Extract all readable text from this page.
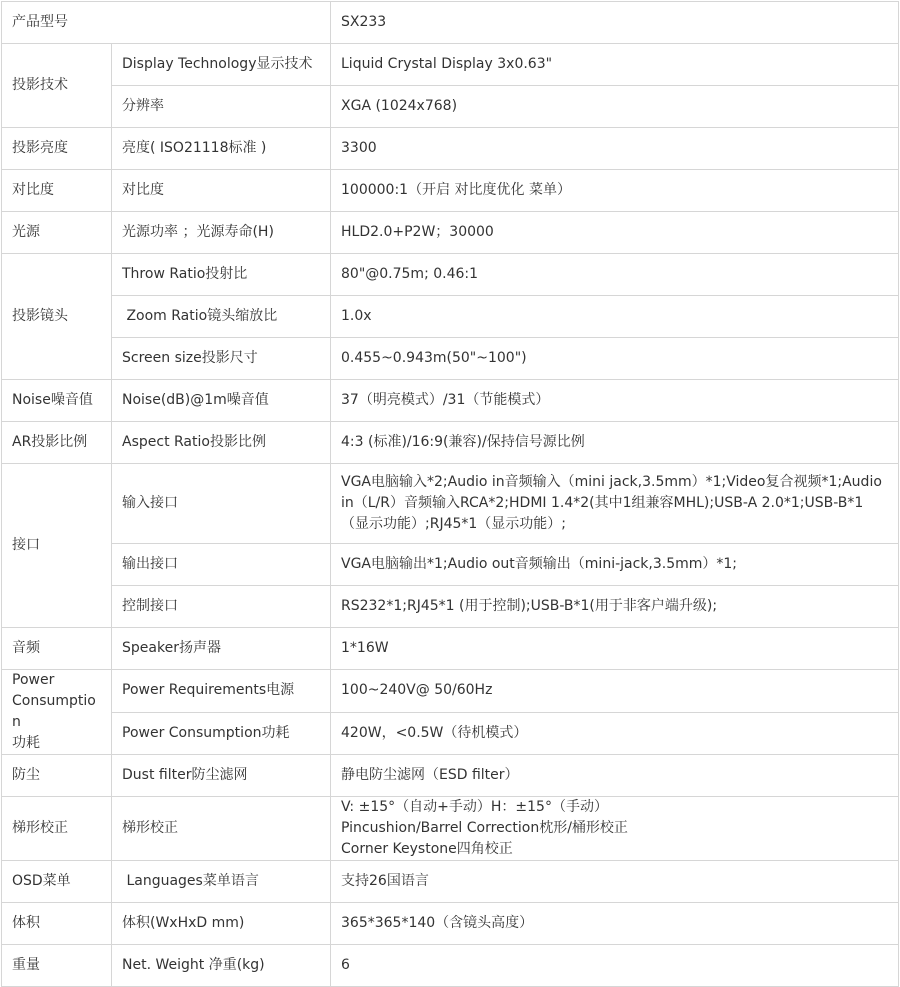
产品型号		SX233
投影技术	Display Technology显示技术	Liquid Crystal Display 3x0.63"
	分辨率	XGA (1024x768)
投影亮度	亮度( ISO21118标准 )	3300
对比度	对比度	100000:1（开启 对比度优化 菜单）
光源	光源功率 ；光源寿命(H)	HLD2.0+P2W；30000
投影镜头	Throw Ratio投射比	80"@0.75m; 0.46:1
	Zoom Ratio镜头缩放比	1.0x
	Screen size投影尺寸	0.455~0.943m(50"~100")
Noise噪音值	Noise(dB)@1m噪音值	37（明亮模式）/31（节能模式）
AR投影比例	Aspect Ratio投影比例	4:3 (标准)/16:9(兼容)/保持信号源比例
接口	输入接口	VGA电脑输入*2;Audio in音频输入（mini jack,3.5mm）*1;Video复合视频*1;Audio in（L/R）音频输入RCA*2;HDMI 1.4*2(其中1组兼容MHL);USB-A 2.0*1;USB-B*1（显示功能）;RJ45*1（显示功能）;
	输出接口	VGA电脑输出*1;Audio out音频输出（mini-jack,3.5mm）*1;
	控制接口	RS232*1;RJ45*1 (用于控制);USB-B*1(用于非客户端升级);
音频	Speaker扬声器	1*16W

Power
Consumption
功耗	Power Requirements电源	100~240V@ 50/60Hz
	Power Consumption功耗	420W，<0.5W（待机模式）
防尘	Dust filter防尘滤网	静电防尘滤网（ESD filter）
梯形校正	梯形校正	V: ±15°（自动+手动）H：±15°（手动）
Pincushion/Barrel Correction枕形/桶形校正
Corner Keystone四角校正

OSD菜单	Languages菜单语言	支持26国语言
体积	体积(WxHxD mm)	365*365*140（含镜头高度）
重量	Net. Weight 净重(kg)	6
